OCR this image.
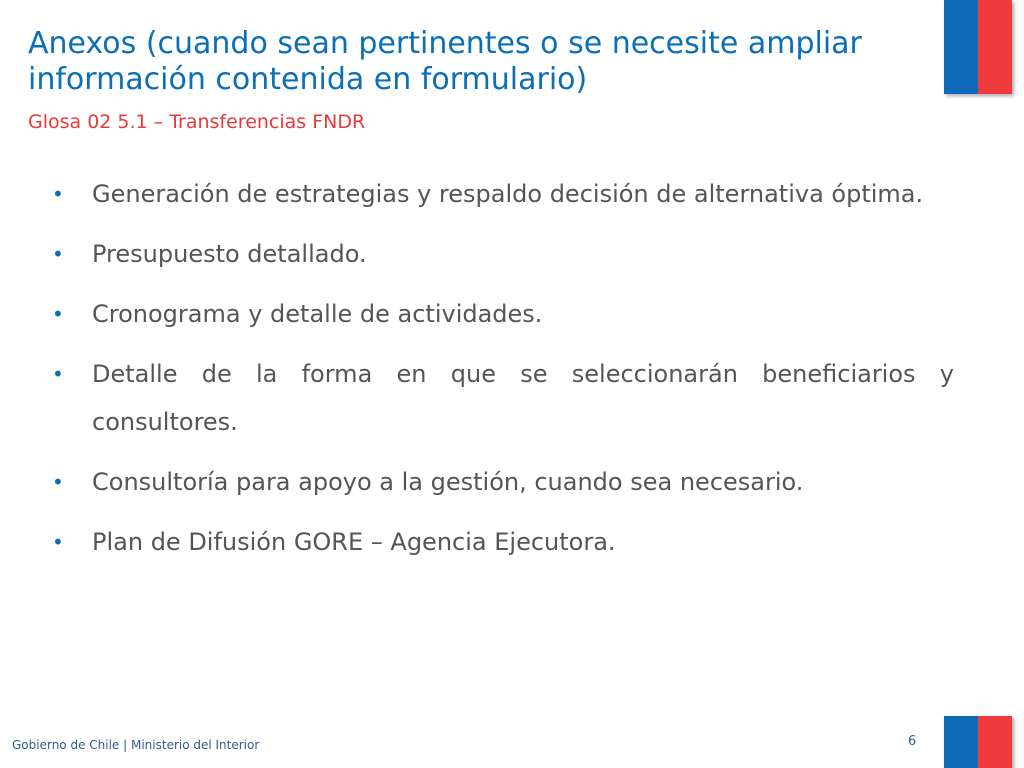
Anexos (cuando sean pertinentes o se necesite ampliar información contenida en formulario)
Glosa 02 5.1 – Transferencias FNDR
• Generación de estrategias y respaldo decisión de alternativa óptima.
• Presupuesto detallado.
• Cronograma y detalle de actividades.
• Detalle de la forma en que se seleccionarán beneficiarios y consultores.
• Consultoría para apoyo a la gestión, cuando sea necesario.
• Plan de Difusión GORE – Agencia Ejecutora.
Gobierno de Chile | Ministerio del Interior	6
